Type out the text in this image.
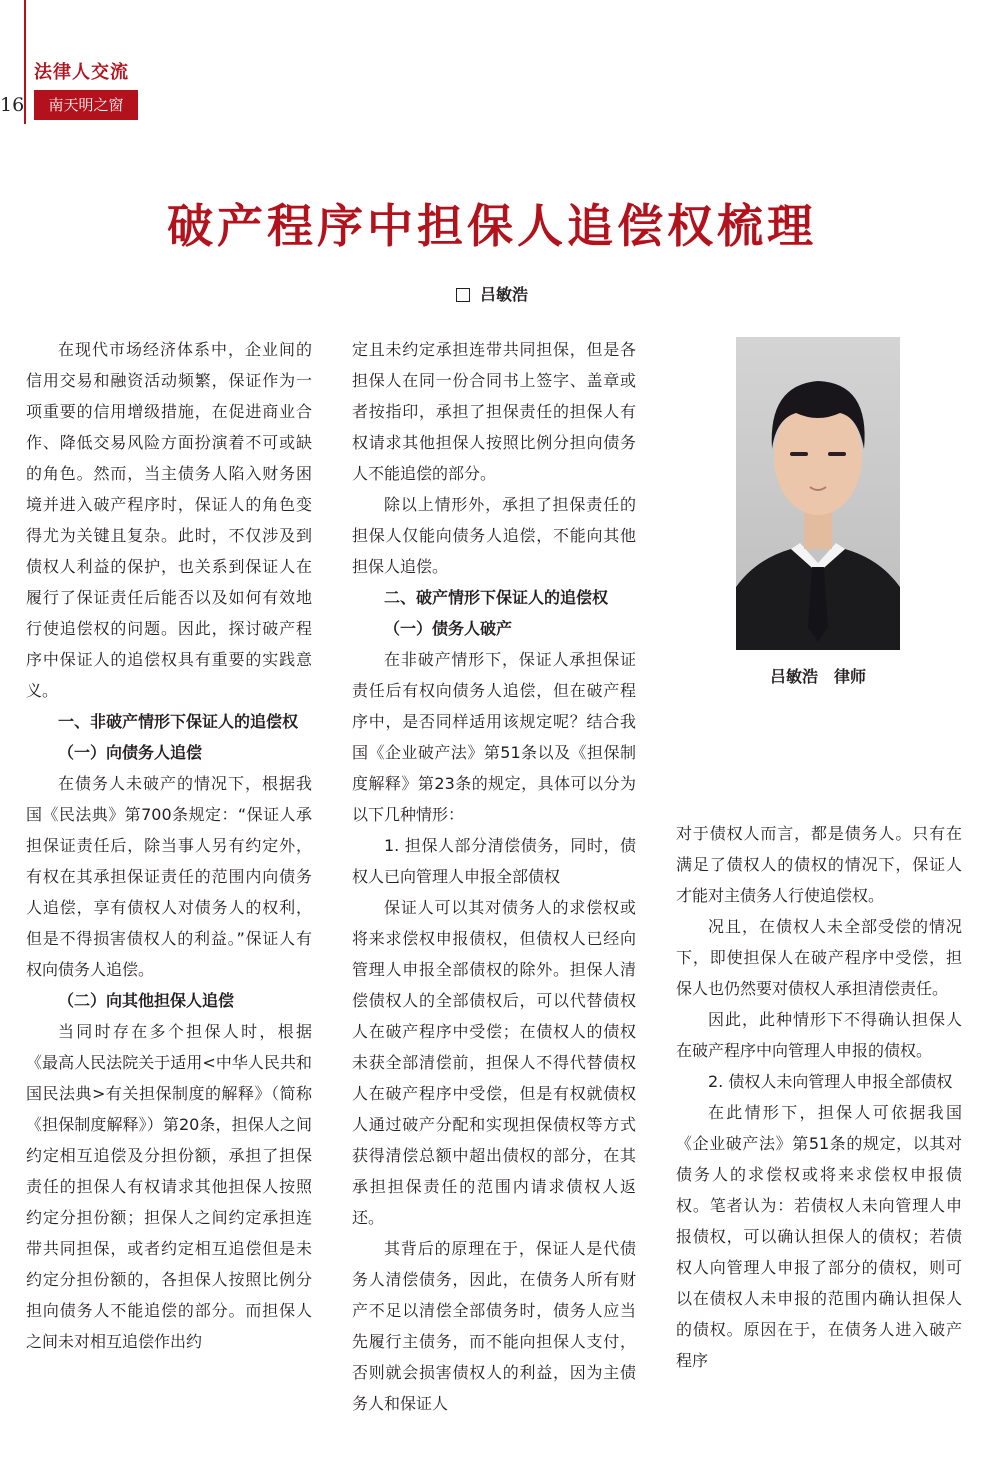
法律人交流
16	南天明之窗
破产程序中担保人追偿权梳理
吕敏浩

在现代市场经济体系中，企业间的信用交易和融资活动频繁，保证作为一项重要的信用增级措施，在促进商业合作、降低交易风险方面扮演着不可或缺的角色。然而，当主债务人陷入财务困境并进入破产程序时，保证人的角色变得尤为关键且复杂。此时，不仅涉及到债权人利益的保护，也关系到保证人在履行了保证责任后能否以及如何有效地行使追偿权的问题。因此，探讨破产程序中保证人的追偿权具有重要的实践意义。

一、非破产情形下保证人的追偿权

（一）向债务人追偿

在债务人未破产的情况下，根据我国《民法典》第700条规定：“保证人承担保证责任后，除当事人另有约定外，有权在其承担保证责任的范围内向债务人追偿，享有债权人对债务人的权利，但是不得损害债权人的利益。”保证人有权向债务人追偿。

（二）向其他担保人追偿

当同时存在多个担保人时，根据《最高人民法院关于适用<中华人民共和国民法典>有关担保制度的解释》（简称《担保制度解释》）第20条，担保人之间约定相互追偿及分担份额，承担了担保责任的担保人有权请求其他担保人按照约定分担份额；担保人之间约定承担连带共同担保，或者约定相互追偿但是未约定分担份额的，各担保人按照比例分担向债务人不能追偿的部分。而担保人之间未对相互追偿作出约

定且未约定承担连带共同担保，但是各担保人在同一份合同书上签字、盖章或者按指印，承担了担保责任的担保人有权请求其他担保人按照比例分担向债务人不能追偿的部分。

除以上情形外，承担了担保责任的担保人仅能向债务人追偿，不能向其他担保人追偿。

二、破产情形下保证人的追偿权

（一）债务人破产

在非破产情形下，保证人承担保证责任后有权向债务人追偿，但在破产程序中，是否同样适用该规定呢？结合我国《企业破产法》第51条以及《担保制度解释》第23条的规定，具体可以分为以下几种情形：

1. 担保人部分清偿债务，同时，债权人已向管理人申报全部债权

保证人可以其对债务人的求偿权或将来求偿权申报债权，但债权人已经向管理人申报全部债权的除外。担保人清偿债权人的全部债权后，可以代替债权人在破产程序中受偿；在债权人的债权未获全部清偿前，担保人不得代替债权人在破产程序中受偿，但是有权就债权人通过破产分配和实现担保债权等方式获得清偿总额中超出债权的部分，在其承担担保责任的范围内请求债权人返还。

其背后的原理在于，保证人是代债务人清偿债务，因此，在债务人所有财产不足以清偿全部债务时，债务人应当先履行主债务，而不能向担保人支付，否则就会损害债权人的利益，因为主债务人和保证人

吕敏浩　律师

对于债权人而言，都是债务人。只有在满足了债权人的债权的情况下，保证人才能对主债务人行使追偿权。

况且，在债权人未全部受偿的情况下，即使担保人在破产程序中受偿，担保人也仍然要对债权人承担清偿责任。

因此，此种情形下不得确认担保人在破产程序中向管理人申报的债权。

2. 债权人未向管理人申报全部债权

在此情形下，担保人可依据我国《企业破产法》第51条的规定，以其对债务人的求偿权或将来求偿权申报债权。笔者认为：若债权人未向管理人申报债权，可以确认担保人的债权；若债权人向管理人申报了部分的债权，则可以在债权人未申报的范围内确认担保人的债权。原因在于，在债务人进入破产程序
